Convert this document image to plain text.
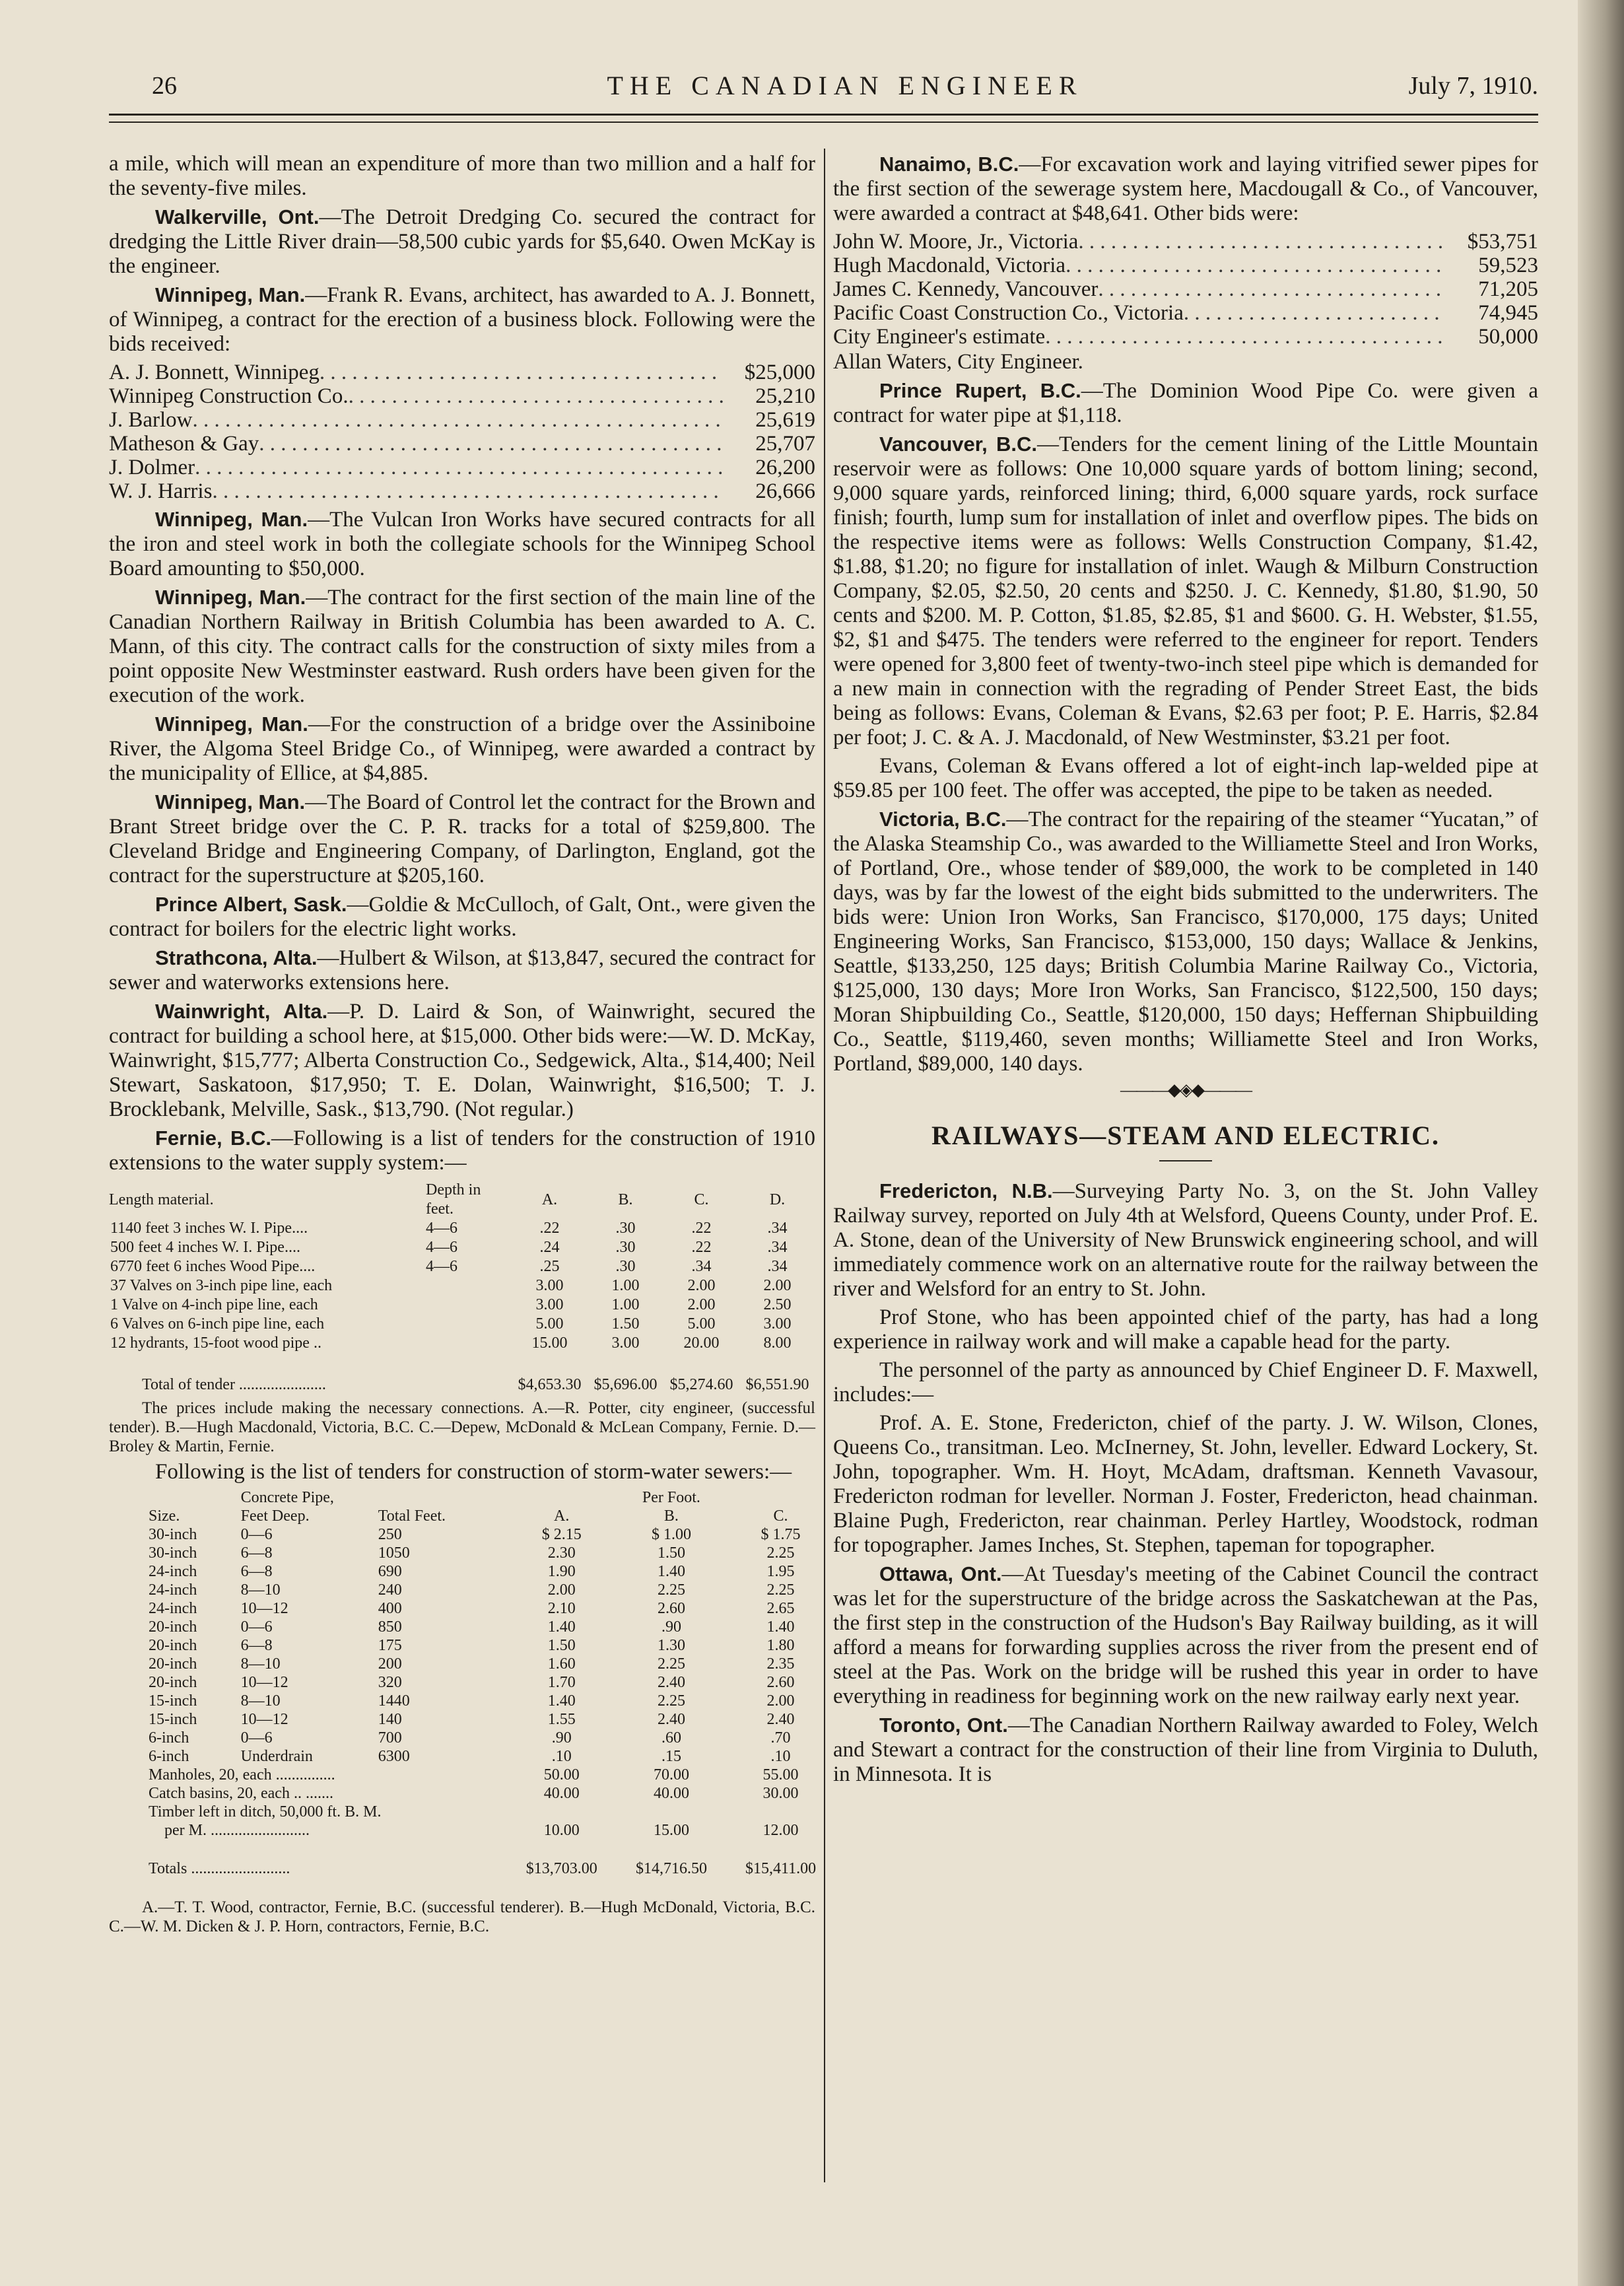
26	THE CANADIAN ENGINEER	July 7, 1910.

a mile, which will mean an expenditure of more than two million and a half for the seventy-five miles.

Walkerville, Ont.—The Detroit Dredging Co. secured the contract for dredging the Little River drain—58,500 cubic yards for $5,640. Owen McKay is the engineer.

Winnipeg, Man.—Frank R. Evans, architect, has awarded to A. J. Bonnett, of Winnipeg, a contract for the erection of a business block. Following were the bids received:

A. J. Bonnett, Winnipeg . . .	$25,000
Winnipeg Construction Co. . . .	25,210
J. Barlow . . .	25,619
Matheson & Gay . . .	25,707
J. Dolmer . . .	26,200
W. J. Harris . . .	26,666

Winnipeg, Man.—The Vulcan Iron Works have secured contracts for all the iron and steel work in both the collegiate schools for the Winnipeg School Board amounting to $50,000.

Winnipeg, Man.—The contract for the first section of the main line of the Canadian Northern Railway in British Columbia has been awarded to A. C. Mann, of this city. The contract calls for the construction of sixty miles from a point opposite New Westminster eastward. Rush orders have been given for the execution of the work.

Winnipeg, Man.—For the construction of a bridge over the Assiniboine River, the Algoma Steel Bridge Co., of Winnipeg, were awarded a contract by the municipality of Ellice, at $4,885.

Winnipeg, Man.—The Board of Control let the contract for the Brown and Brant Street bridge over the C. P. R. tracks for a total of $259,800. The Cleveland Bridge and Engineering Company, of Darlington, England, got the contract for the superstructure at $205,160.

Prince Albert, Sask.—Goldie & McCulloch, of Galt, Ont., were given the contract for boilers for the electric light works.

Strathcona, Alta.—Hulbert & Wilson, at $13,847, secured the contract for sewer and waterworks extensions here.

Wainwright, Alta.—P. D. Laird & Son, of Wainwright, secured the contract for building a school here, at $15,000. Other bids were:—W. D. McKay, Wainwright, $15,777; Alberta Construction Co., Sedgewick, Alta., $14,400; Neil Stewart, Saskatoon, $17,950; T. E. Dolan, Wainwright, $16,500; T. J. Brocklebank, Melville, Sask., $13,790. (Not regular.)

Fernie, B.C.—Following is a list of tenders for the construction of 1910 extensions to the water supply system:—

Length material.	Depth in feet.	A.	B.	C.	D.
1140 feet 3 inches W. I. Pipe....	4—6	.22	.30	.22	.34
500 feet 4 inches W. I. Pipe....	4—6	.24	.30	.22	.34
6770 feet 6 inches Wood Pipe....	4—6	.25	.30	.34	.34
37 Valves on 3-inch pipe line, each		3.00	1.00	2.00	2.00
1 Valve on 4-inch pipe line, each		3.00	1.00	2.00	2.50
6 Valves on 6-inch pipe line, each		5.00	1.50	5.00	3.00
12 hydrants, 15-foot wood pipe ..		15.00	3.00	20.00	8.00
Total of tender ......................		$4,653.30	$5,696.00	$5,274.60	$6,551.90
The prices include making the necessary connections. A.—R. Potter, city engineer, (successful tender). B.—Hugh Macdonald, Victoria, B.C. C.—Depew, McDonald & McLean Company, Fernie. D.—Broley & Martin, Fernie.

Following is the list of tenders for construction of storm-water sewers:—

	Concrete Pipe,			Per Foot.	
Size.	Feet Deep.	Total Feet.	A.	B.	C.
30-inch	0—6	250	$ 2.15	$ 1.00	$ 1.75
30-inch	6—8	1050	2.30	1.50	2.25
24-inch	6—8	690	1.90	1.40	1.95
24-inch	8—10	240	2.00	2.25	2.25
24-inch	10—12	400	2.10	2.60	2.65
20-inch	0—6	850	1.40	.90	1.40
20-inch	6—8	175	1.50	1.30	1.80
20-inch	8—10	200	1.60	2.25	2.35
20-inch	10—12	320	1.70	2.40	2.60
15-inch	8—10	1440	1.40	2.25	2.00
15-inch	10—12	140	1.55	2.40	2.40
6-inch	0—6	700	.90	.60	.70
6-inch	Underdrain	6300	.10	.15	.10
Manholes, 20, each ...............			50.00	70.00	55.00
Catch basins, 20, each .. .......			40.00	40.00	30.00
Timber left in ditch, 50,000 ft. B. M.					
per M. .........................			10.00	15.00	12.00
Totals .........................			$13,703.00	$14,716.50	$15,411.00
A.—T. T. Wood, contractor, Fernie, B.C. (successful tenderer). B.—Hugh McDonald, Victoria, B.C. C.—W. M. Dicken & J. P. Horn, contractors, Fernie, B.C.

Nanaimo, B.C.—For excavation work and laying vitrified sewer pipes for the first section of the sewerage system here, Macdougall & Co., of Vancouver, were awarded a contract at $48,641. Other bids were:

John W. Moore, Jr., Victoria . . .	$53,751
Hugh Macdonald, Victoria . . .	59,523
James C. Kennedy, Vancouver . . .	71,205
Pacific Coast Construction Co., Victoria . . .	74,945
City Engineer's estimate . . .	50,000

Allan Waters, City Engineer.

Prince Rupert, B.C.—The Dominion Wood Pipe Co. were given a contract for water pipe at $1,118.

Vancouver, B.C.—Tenders for the cement lining of the Little Mountain reservoir were as follows: One 10,000 square yards of bottom lining; second, 9,000 square yards, reinforced lining; third, 6,000 square yards, rock surface finish; fourth, lump sum for installation of inlet and overflow pipes. The bids on the respective items were as follows: Wells Construction Company, $1.42, $1.88, $1.20; no figure for installation of inlet. Waugh & Milburn Construction Company, $2.05, $2.50, 20 cents and $250. J. C. Kennedy, $1.80, $1.90, 50 cents and $200. M. P. Cotton, $1.85, $2.85, $1 and $600. G. H. Webster, $1.55, $2, $1 and $475. The tenders were referred to the engineer for report. Tenders were opened for 3,800 feet of twenty-two-inch steel pipe which is demanded for a new main in connection with the regrading of Pender Street East, the bids being as follows: Evans, Coleman & Evans, $2.63 per foot; P. E. Harris, $2.84 per foot; J. C. & A. J. Macdonald, of New Westminster, $3.21 per foot.

Evans, Coleman & Evans offered a lot of eight-inch lap-welded pipe at $59.85 per 100 feet. The offer was accepted, the pipe to be taken as needed.

Victoria, B.C.—The contract for the repairing of the steamer “Yucatan,” of the Alaska Steamship Co., was awarded to the Williamette Steel and Iron Works, of Portland, Ore., whose tender of $89,000, the work to be completed in 140 days, was by far the lowest of the eight bids submitted to the underwriters. The bids were: Union Iron Works, San Francisco, $170,000, 175 days; United Engineering Works, San Francisco, $153,000, 150 days; Wallace & Jenkins, Seattle, $133,250, 125 days; British Columbia Marine Railway Co., Victoria, $125,000, 130 days; More Iron Works, San Francisco, $122,500, 150 days; Moran Shipbuilding Co., Seattle, $120,000, 150 days; Heffernan Shipbuilding Co., Seattle, $119,460, seven months; Williamette Steel and Iron Works, Portland, $89,000, 140 days.

―――◆◈◆―――
RAILWAYS—STEAM AND ELECTRIC.

Fredericton, N.B.—Surveying Party No. 3, on the St. John Valley Railway survey, reported on July 4th at Welsford, Queens County, under Prof. E. A. Stone, dean of the University of New Brunswick engineering school, and will immediately commence work on an alternative route for the railway between the river and Welsford for an entry to St. John.

Prof Stone, who has been appointed chief of the party, has had a long experience in railway work and will make a capable head for the party.

The personnel of the party as announced by Chief Engineer D. F. Maxwell, includes:—

Prof. A. E. Stone, Fredericton, chief of the party. J. W. Wilson, Clones, Queens Co., transitman. Leo. McInerney, St. John, leveller. Edward Lockery, St. John, topographer. Wm. H. Hoyt, McAdam, draftsman. Kenneth Vavasour, Fredericton rodman for leveller. Norman J. Foster, Fredericton, head chainman. Blaine Pugh, Fredericton, rear chainman. Perley Hartley, Woodstock, rodman for topographer. James Inches, St. Stephen, tapeman for topographer.

Ottawa, Ont.—At Tuesday's meeting of the Cabinet Council the contract was let for the superstructure of the bridge across the Saskatchewan at the Pas, the first step in the construction of the Hudson's Bay Railway building, as it will afford a means for forwarding supplies across the river from the present end of steel at the Pas. Work on the bridge will be rushed this year in order to have everything in readiness for beginning work on the new railway early next year.

Toronto, Ont.—The Canadian Northern Railway awarded to Foley, Welch and Stewart a contract for the construction of their line from Virginia to Duluth, in Minnesota. It is
